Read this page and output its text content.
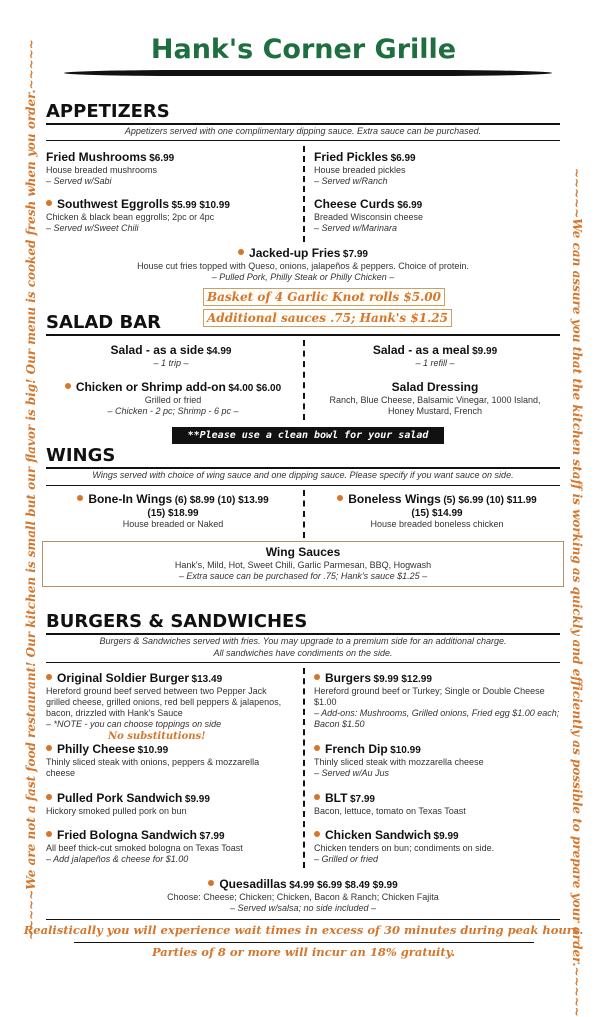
Hank's Corner Grille
~~~~~We are not a fast food restaurant! Our kitchen is small but our flavor is big! Our menu is cooked fresh when you order.~~~~~	~~~~~We can assure you that the kitchen staff is working as quickly and efficiently as possible to prepare your order.~~~~~
APPETIZERS
Appetizers served with one complimentary dipping sauce. Extra sauce can be purchased.
Fried Mushrooms $6.99
House breaded mushrooms
– Served w/Sabi
Fried Pickles $6.99
House breaded pickles
– Served w/Ranch
Southwest Eggrolls $5.99 $10.99
Chicken & black bean eggrolls; 2pc or 4pc
– Served w/Sweet Chili
Cheese Curds $6.99
Breaded Wisconsin cheese
– Served w/Marinara
Jacked-up Fries $7.99
House cut fries topped with Queso, onions, jalapeños & peppers. Choice of protein.
– Pulled Pork, Philly Steak or Philly Chicken –
Basket of 4 Garlic Knot rolls $5.00
Additional sauces .75; Hank's $1.25
SALAD BAR
Salad - as a side $4.99
– 1 trip –
Salad - as a meal $9.99
– 1 refill –
Chicken or Shrimp add-on $4.00 $6.00
Grilled or fried
– Chicken - 2 pc; Shrimp - 6 pc –
Salad Dressing
Ranch, Blue Cheese, Balsamic Vinegar, 1000 Island,
Honey Mustard, French
**Please use a clean bowl for your salad choice**
WINGS
Wings served with choice of wing sauce and one dipping sauce. Please specify if you want sauce on side.
Bone-In Wings (6) $8.99 (10) $13.99
(15) $18.99
House breaded or Naked
Boneless Wings (5) $6.99 (10) $11.99
(15) $14.99
House breaded boneless chicken
Wing Sauces
Hank's, Mild, Hot, Sweet Chili, Garlic Parmesan, BBQ, Hogwash
– Extra sauce can be purchased for .75; Hank's sauce $1.25 –
BURGERS & SANDWICHES
Burgers & Sandwiches served with fries. You may upgrade to a premium side for an additional charge.
All sandwiches have condiments on the side.
Original Soldier Burger $13.49
Hereford ground beef served between two Pepper Jack grilled cheese, grilled onions, red bell peppers & jalapenos, bacon, drizzled with Hank's Sauce
– *NOTE - you can choose toppings on side
No substitutions!
Burgers $9.99 $12.99
Hereford ground beef or Turkey; Single or Double Cheese $1.00
– Add-ons: Mushrooms, Grilled onions, Fried egg $1.00 each; Bacon $1.50
Philly Cheese $10.99
Thinly sliced steak with onions, peppers & mozzarella cheese
French Dip $10.99
Thinly sliced steak with mozzarella cheese
– Served w/Au Jus
Pulled Pork Sandwich $9.99
Hickory smoked pulled pork on bun
BLT $7.99
Bacon, lettuce, tomato on Texas Toast
Fried Bologna Sandwich $7.99
All beef thick-cut smoked bologna on Texas Toast
– Add jalapeños & cheese for $1.00
Chicken Sandwich $9.99
Chicken tenders on bun; condiments on side.
– Grilled or fried
Quesadillas $4.99 $6.99 $8.49 $9.99
Choose: Cheese; Chicken; Chicken, Bacon & Ranch; Chicken Fajita
– Served w/salsa; no side included –
Realistically you will experience wait times in excess of 30 minutes during peak hours.
Parties of 8 or more will incur an 18% gratuity.
